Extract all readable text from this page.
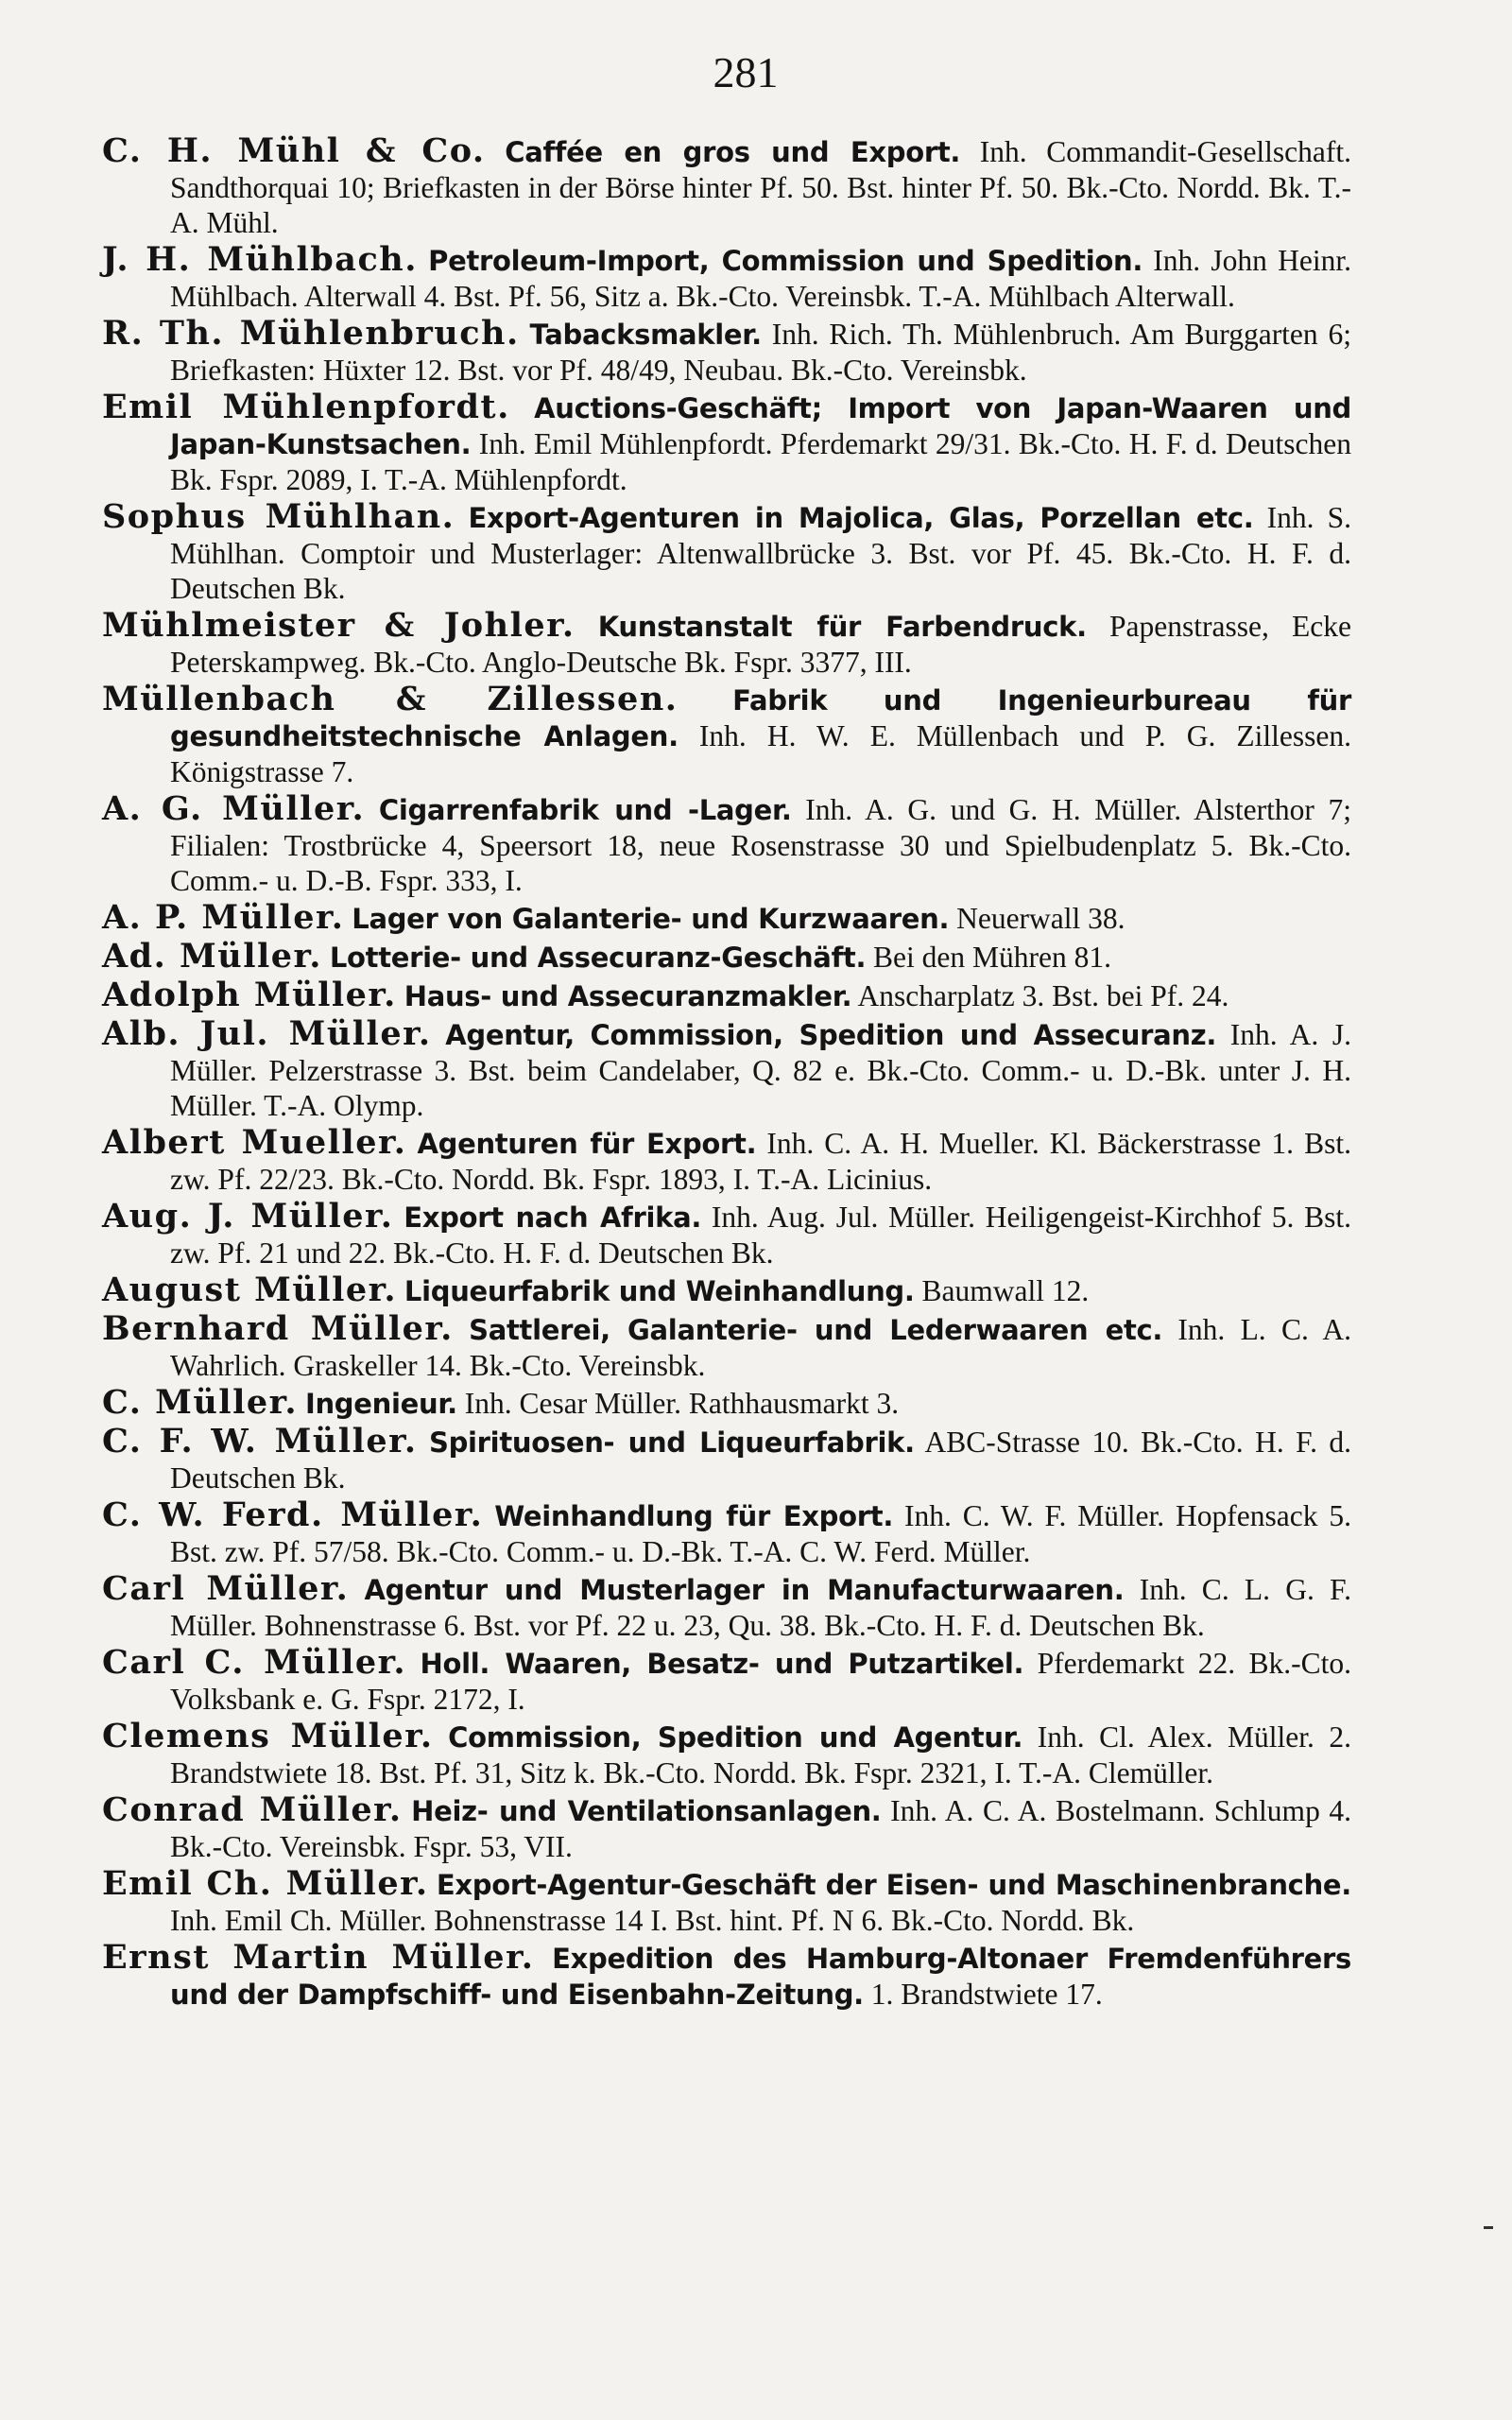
281

C. H. Mühl & Co. Caffée en gros und Export. Inh. Commandit-Gesellschaft. Sandthorquai 10; Briefkasten in der Börse hinter Pf. 50. Bst. hinter Pf. 50. Bk.-Cto. Nordd. Bk. T.-A. Mühl.

J. H. Mühlbach. Petroleum-Import, Commission und Spedition. Inh. John Heinr. Mühlbach. Alterwall 4. Bst. Pf. 56, Sitz a. Bk.-Cto. Vereinsbk. T.-A. Mühlbach Alterwall.

R. Th. Mühlenbruch. Tabacksmakler. Inh. Rich. Th. Mühlenbruch. Am Burggarten 6; Briefkasten: Hüxter 12. Bst. vor Pf. 48/49, Neubau. Bk.-Cto. Vereinsbk.

Emil Mühlenpfordt. Auctions-Geschäft; Import von Japan-Waaren und Japan-Kunstsachen. Inh. Emil Mühlenpfordt. Pferdemarkt 29/31. Bk.-Cto. H. F. d. Deutschen Bk. Fspr. 2089, I. T.-A. Mühlenpfordt.

Sophus Mühlhan. Export-Agenturen in Majolica, Glas, Porzellan etc. Inh. S. Mühlhan. Comptoir und Musterlager: Altenwallbrücke 3. Bst. vor Pf. 45. Bk.-Cto. H. F. d. Deutschen Bk.

Mühlmeister & Johler. Kunstanstalt für Farbendruck. Papenstrasse, Ecke Peterskampweg. Bk.-Cto. Anglo-Deutsche Bk. Fspr. 3377, III.

Müllenbach & Zillessen. Fabrik und Ingenieurbureau für gesundheitstechnische Anlagen. Inh. H. W. E. Müllenbach und P. G. Zillessen. Königstrasse 7.

A. G. Müller. Cigarrenfabrik und -Lager. Inh. A. G. und G. H. Müller. Alsterthor 7; Filialen: Trostbrücke 4, Speersort 18, neue Rosenstrasse 30 und Spielbudenplatz 5. Bk.-Cto. Comm.- u. D.-B. Fspr. 333, I.

A. P. Müller. Lager von Galanterie- und Kurzwaaren. Neuerwall 38.

Ad. Müller. Lotterie- und Assecuranz-Geschäft. Bei den Mühren 81.

Adolph Müller. Haus- und Assecuranzmakler. Anscharplatz 3. Bst. bei Pf. 24.

Alb. Jul. Müller. Agentur, Commission, Spedition und Assecuranz. Inh. A. J. Müller. Pelzerstrasse 3. Bst. beim Candelaber, Q. 82 e. Bk.-Cto. Comm.- u. D.-Bk. unter J. H. Müller. T.-A. Olymp.

Albert Mueller. Agenturen für Export. Inh. C. A. H. Mueller. Kl. Bäckerstrasse 1. Bst. zw. Pf. 22/23. Bk.-Cto. Nordd. Bk. Fspr. 1893, I. T.-A. Licinius.

Aug. J. Müller. Export nach Afrika. Inh. Aug. Jul. Müller. Heiligengeist-Kirchhof 5. Bst. zw. Pf. 21 und 22. Bk.-Cto. H. F. d. Deutschen Bk.

August Müller. Liqueurfabrik und Weinhandlung. Baumwall 12.

Bernhard Müller. Sattlerei, Galanterie- und Lederwaaren etc. Inh. L. C. A. Wahrlich. Graskeller 14. Bk.-Cto. Vereinsbk.

C. Müller. Ingenieur. Inh. Cesar Müller. Rathhausmarkt 3.

C. F. W. Müller. Spirituosen- und Liqueurfabrik. ABC-Strasse 10. Bk.-Cto. H. F. d. Deutschen Bk.

C. W. Ferd. Müller. Weinhandlung für Export. Inh. C. W. F. Müller. Hopfensack 5. Bst. zw. Pf. 57/58. Bk.-Cto. Comm.- u. D.-Bk. T.-A. C. W. Ferd. Müller.

Carl Müller. Agentur und Musterlager in Manufacturwaaren. Inh. C. L. G. F. Müller. Bohnenstrasse 6. Bst. vor Pf. 22 u. 23, Qu. 38. Bk.-Cto. H. F. d. Deutschen Bk.

Carl C. Müller. Holl. Waaren, Besatz- und Putzartikel. Pferdemarkt 22. Bk.-Cto. Volksbank e. G. Fspr. 2172, I.

Clemens Müller. Commission, Spedition und Agentur. Inh. Cl. Alex. Müller. 2. Brandstwiete 18. Bst. Pf. 31, Sitz k. Bk.-Cto. Nordd. Bk. Fspr. 2321, I. T.-A. Clemüller.

Conrad Müller. Heiz- und Ventilationsanlagen. Inh. A. C. A. Bostelmann. Schlump 4. Bk.-Cto. Vereinsbk. Fspr. 53, VII.

Emil Ch. Müller. Export-Agentur-Geschäft der Eisen- und Maschinenbranche. Inh. Emil Ch. Müller. Bohnenstrasse 14 I. Bst. hint. Pf. N 6. Bk.-Cto. Nordd. Bk.

Ernst Martin Müller. Expedition des Hamburg-Altonaer Fremdenführers und der Dampfschiff- und Eisenbahn-Zeitung. 1. Brandstwiete 17.
